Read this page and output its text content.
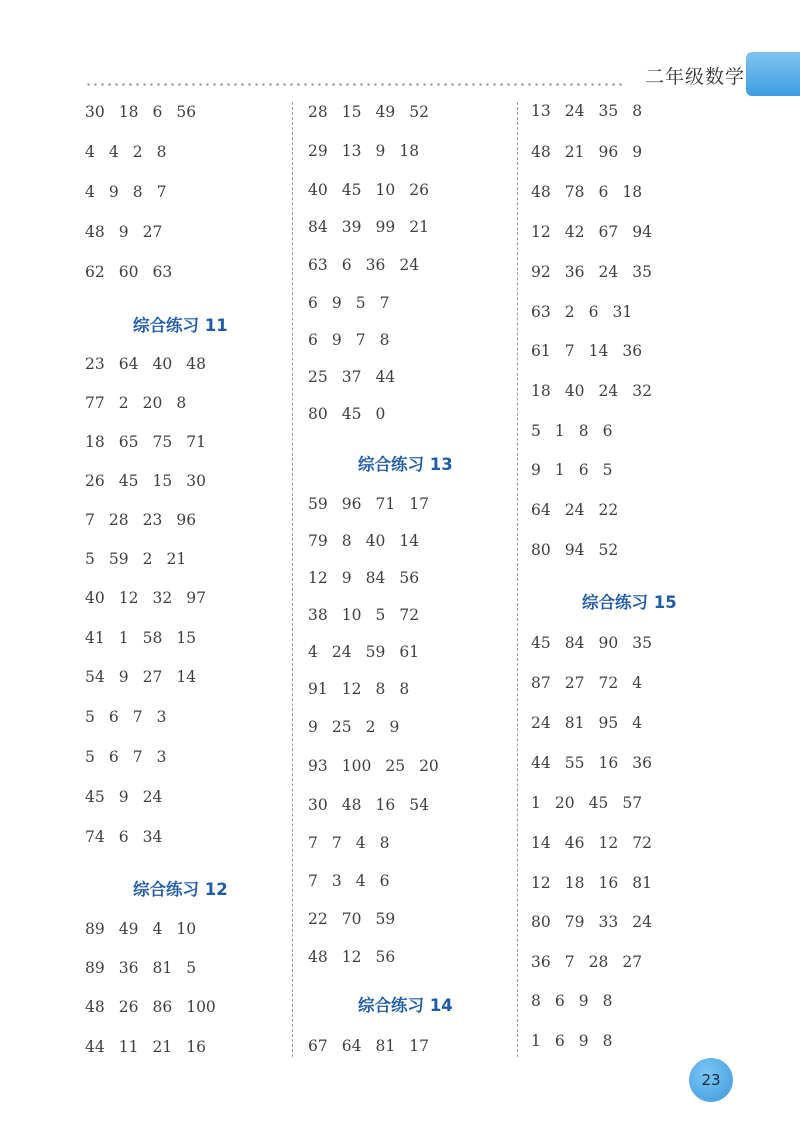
二年级数学
30 18 6 56
4 4 2 8
4 9 8 7
48 9 27
62 60 63
综合练习 11
23 64 40 48
77 2 20 8
18 65 75 71
26 45 15 30
7 28 23 96
5 59 2 21
40 12 32 97
41 1 58 15
54 9 27 14
5 6 7 3
5 6 7 3
45 9 24
74 6 34
综合练习 12
89 49 4 10
89 36 81 5
48 26 86 100
44 11 21 16
28 15 49 52
29 13 9 18
40 45 10 26
84 39 99 21
63 6 36 24
6 9 5 7
6 9 7 8
25 37 44
80 45 0
综合练习 13
59 96 71 17
79 8 40 14
12 9 84 56
38 10 5 72
4 24 59 61
91 12 8 8
9 25 2 9
93 100 25 20
30 48 16 54
7 7 4 8
7 3 4 6
22 70 59
48 12 56
综合练习 14
67 64 81 17
13 24 35 8
48 21 96 9
48 78 6 18
12 42 67 94
92 36 24 35
63 2 6 31
61 7 14 36
18 40 24 32
5 1 8 6
9 1 6 5
64 24 22
80 94 52
综合练习 15
45 84 90 35
87 27 72 4
24 81 95 4
44 55 16 36
1 20 45 57
14 46 12 72
12 18 16 81
80 79 33 24
36 7 28 27
8 6 9 8
1 6 9 8
23
